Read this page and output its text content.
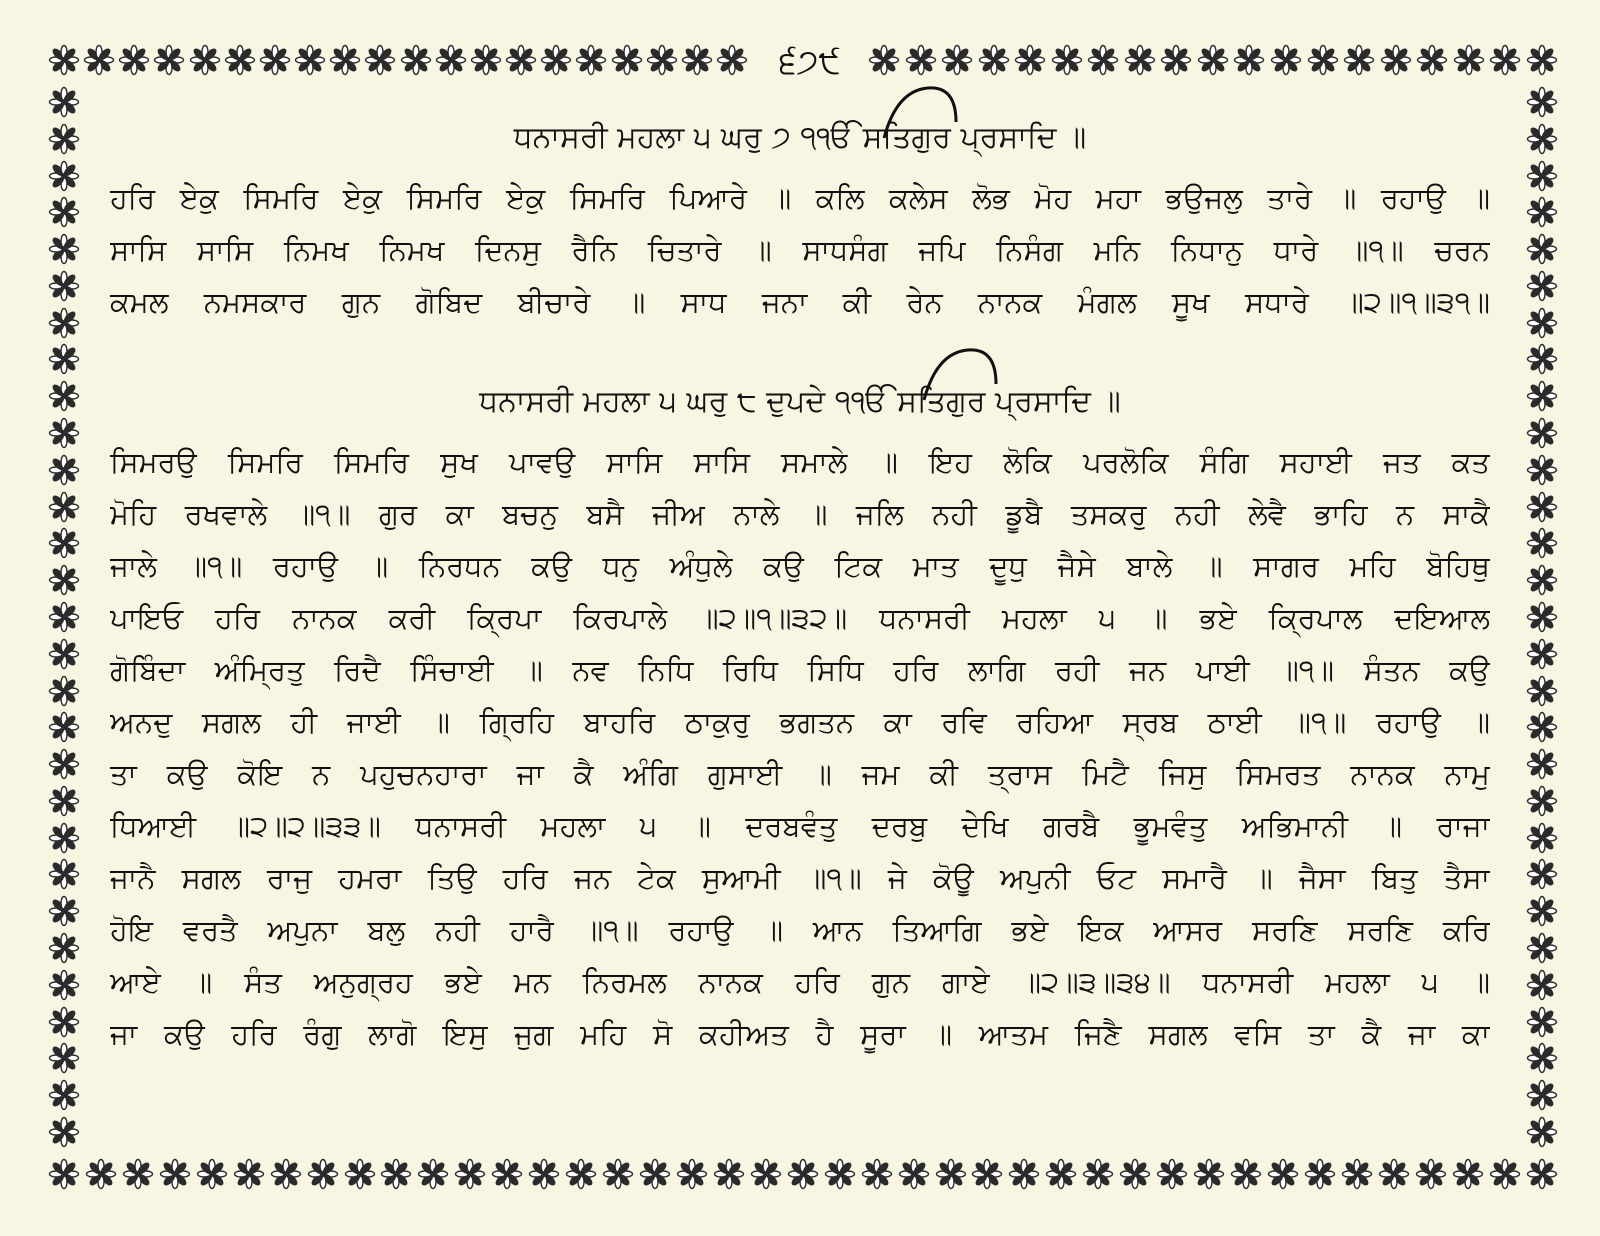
੬੭੯
ਧਨਾਸਰੀ ਮਹਲਾ ੫ ਘਰੁ ੭ ੧ੴ ਸਤਿਗੁਰ ਪ੍ਰਸਾਦਿ ॥
ਹਰਿ ਏਕੁ ਸਿਮਰਿ ਏਕੁ ਸਿਮਰਿ ਏਕੁ ਸਿਮਰਿ ਪਿਆਰੇ ॥ ਕਲਿ ਕਲੇਸ ਲੋਭ ਮੋਹ ਮਹਾ ਭਉਜਲੁ ਤਾਰੇ ॥ ਰਹਾਉ ॥
ਸਾਸਿ ਸਾਸਿ ਨਿਮਖ ਨਿਮਖ ਦਿਨਸੁ ਰੈਨਿ ਚਿਤਾਰੇ ॥ ਸਾਧਸੰਗ ਜਪਿ ਨਿਸੰਗ ਮਨਿ ਨਿਧਾਨੁ ਧਾਰੇ ॥੧॥ ਚਰਨ
ਕਮਲ ਨਮਸਕਾਰ ਗੁਨ ਗੋਬਿਦ ਬੀਚਾਰੇ ॥ ਸਾਧ ਜਨਾ ਕੀ ਰੇਨ ਨਾਨਕ ਮੰਗਲ ਸੂਖ ਸਧਾਰੇ ॥੨॥੧॥੩੧॥
ਧਨਾਸਰੀ ਮਹਲਾ ੫ ਘਰੁ ੮ ਦੁਪਦੇ ੧ੴ ਸਤਿਗੁਰ ਪ੍ਰਸਾਦਿ ॥
ਸਿਮਰਉ ਸਿਮਰਿ ਸਿਮਰਿ ਸੁਖ ਪਾਵਉ ਸਾਸਿ ਸਾਸਿ ਸਮਾਲੇ ॥ ਇਹ ਲੋਕਿ ਪਰਲੋਕਿ ਸੰਗਿ ਸਹਾਈ ਜਤ ਕਤ
ਮੋਹਿ ਰਖਵਾਲੇ ॥੧॥ ਗੁਰ ਕਾ ਬਚਨੁ ਬਸੈ ਜੀਅ ਨਾਲੇ ॥ ਜਲਿ ਨਹੀ ਡੂਬੈ ਤਸਕਰੁ ਨਹੀ ਲੇਵੈ ਭਾਹਿ ਨ ਸਾਕੈ
ਜਾਲੇ ॥੧॥ ਰਹਾਉ ॥ ਨਿਰਧਨ ਕਉ ਧਨੁ ਅੰਧੁਲੇ ਕਉ ਟਿਕ ਮਾਤ ਦੂਧੁ ਜੈਸੇ ਬਾਲੇ ॥ ਸਾਗਰ ਮਹਿ ਬੋਹਿਥੁ
ਪਾਇਓ ਹਰਿ ਨਾਨਕ ਕਰੀ ਕ੍ਰਿਪਾ ਕਿਰਪਾਲੇ ॥੨॥੧॥੩੨॥ ਧਨਾਸਰੀ ਮਹਲਾ ੫ ॥ ਭਏ ਕ੍ਰਿਪਾਲ ਦਇਆਲ
ਗੋਬਿੰਦਾ ਅੰਮ੍ਰਿਤੁ ਰਿਦੈ ਸਿੰਚਾਈ ॥ ਨਵ ਨਿਧਿ ਰਿਧਿ ਸਿਧਿ ਹਰਿ ਲਾਗਿ ਰਹੀ ਜਨ ਪਾਈ ॥੧॥ ਸੰਤਨ ਕਉ
ਅਨਦੁ ਸਗਲ ਹੀ ਜਾਈ ॥ ਗ੍ਰਿਹਿ ਬਾਹਰਿ ਠਾਕੁਰੁ ਭਗਤਨ ਕਾ ਰਵਿ ਰਹਿਆ ਸ੍ਰਬ ਠਾਈ ॥੧॥ ਰਹਾਉ ॥
ਤਾ ਕਉ ਕੋਇ ਨ ਪਹੁਚਨਹਾਰਾ ਜਾ ਕੈ ਅੰਗਿ ਗੁਸਾਈ ॥ ਜਮ ਕੀ ਤ੍ਰਾਸ ਮਿਟੈ ਜਿਸੁ ਸਿਮਰਤ ਨਾਨਕ ਨਾਮੁ
ਧਿਆਈ ॥੨॥੨॥੩੩॥ ਧਨਾਸਰੀ ਮਹਲਾ ੫ ॥ ਦਰਬਵੰਤੁ ਦਰਬੁ ਦੇਖਿ ਗਰਬੈ ਭੂਮਵੰਤੁ ਅਭਿਮਾਨੀ ॥ ਰਾਜਾ
ਜਾਨੈ ਸਗਲ ਰਾਜੁ ਹਮਰਾ ਤਿਉ ਹਰਿ ਜਨ ਟੇਕ ਸੁਆਮੀ ॥੧॥ ਜੇ ਕੋਊ ਅਪੁਨੀ ਓਟ ਸਮਾਰੈ ॥ ਜੈਸਾ ਬਿਤੁ ਤੈਸਾ
ਹੋਇ ਵਰਤੈ ਅਪੁਨਾ ਬਲੁ ਨਹੀ ਹਾਰੈ ॥੧॥ ਰਹਾਉ ॥ ਆਨ ਤਿਆਗਿ ਭਏ ਇਕ ਆਸਰ ਸਰਣਿ ਸਰਣਿ ਕਰਿ
ਆਏ ॥ ਸੰਤ ਅਨੁਗ੍ਰਹ ਭਏ ਮਨ ਨਿਰਮਲ ਨਾਨਕ ਹਰਿ ਗੁਨ ਗਾਏ ॥੨॥੩॥੩੪॥ ਧਨਾਸਰੀ ਮਹਲਾ ੫ ॥
ਜਾ ਕਉ ਹਰਿ ਰੰਗੁ ਲਾਗੋ ਇਸੁ ਜੁਗ ਮਹਿ ਸੋ ਕਹੀਅਤ ਹੈ ਸੂਰਾ ॥ ਆਤਮ ਜਿਣੈ ਸਗਲ ਵਸਿ ਤਾ ਕੈ ਜਾ ਕਾ
